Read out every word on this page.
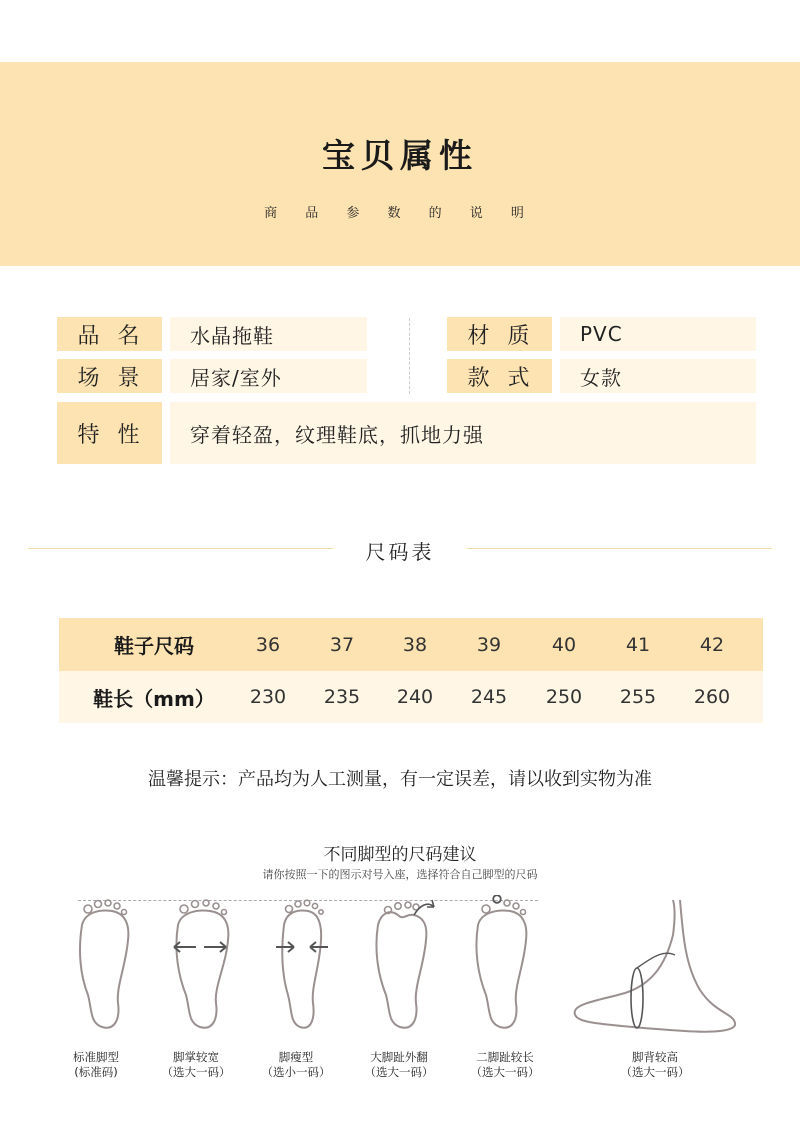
宝贝属性
商 品 参 数 的 说 明
品名	水晶拖鞋	材质	PVC
场景	居家/室外	款式	女款
特性	穿着轻盈，纹理鞋底，抓地力强
尺码表
鞋子尺码	36	37	38	39	40	41	42
鞋长（mm）	230	235	240	245	250	255	260
温馨提示：产品均为人工测量，有一定误差，请以收到实物为准
不同脚型的尺码建议
请你按照一下的图示对号入座，选择符合自己脚型的尺码
标准脚型
(标准码)
脚掌较宽
（选大一码）
脚瘦型
（选小一码）
大脚趾外翻
（选大一码）
二脚趾较长
（选大一码）
脚背较高
（选大一码）
